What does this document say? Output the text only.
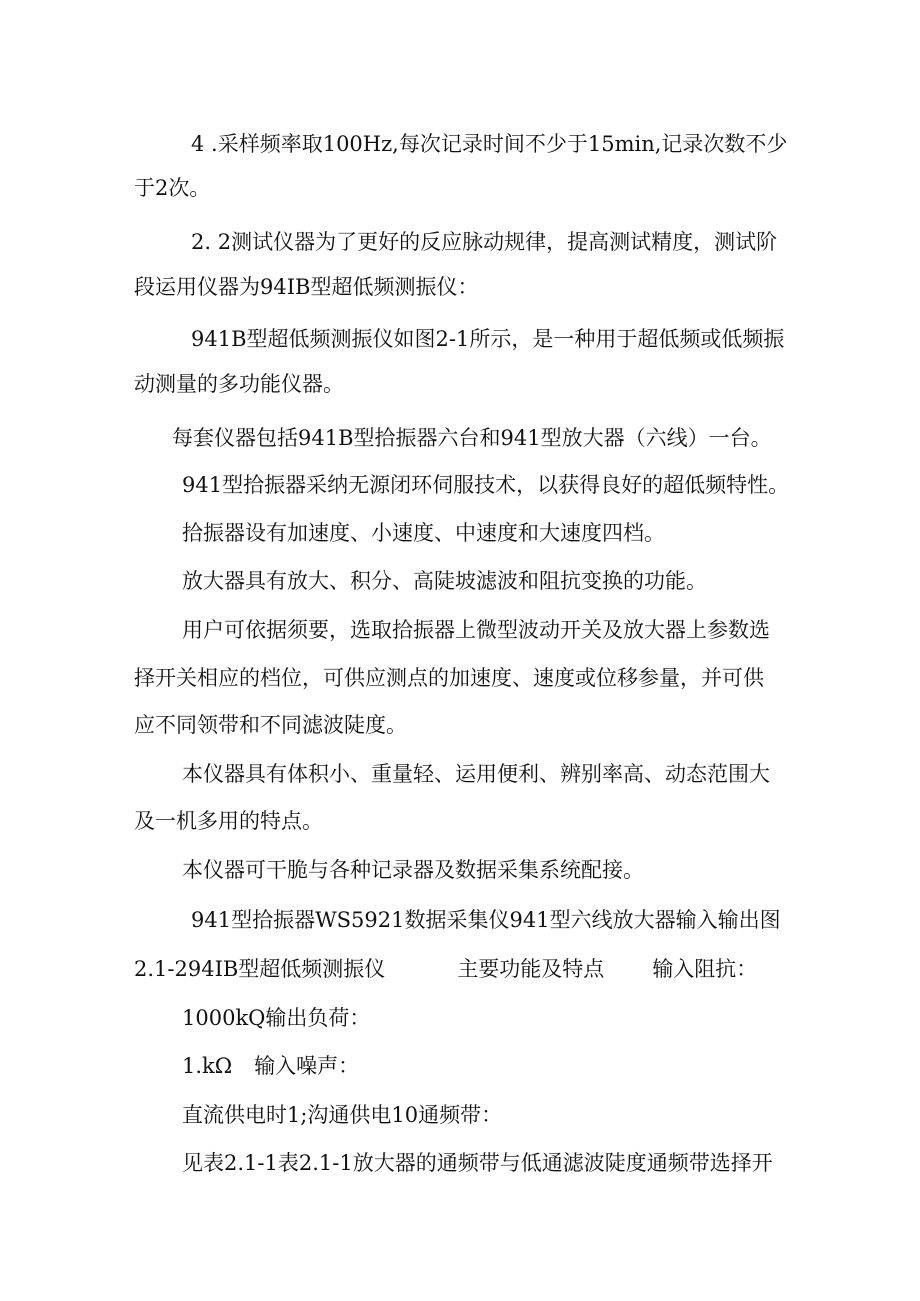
4 .采样频率取100Hz,每次记录时间不少于15min,记录次数不少
于2次。
2. 2测试仪器为了更好的反应脉动规律，提高测试精度，测试阶
段运用仪器为94IB型超低频测振仪：
941B型超低频测振仪如图2-1所示，是一种用于超低频或低频振
动测量的多功能仪器。
每套仪器包括941B型拾振器六台和941型放大器（六线）一台。
941型拾振器采纳无源闭环伺服技术，以获得良好的超低频特性。
拾振器设有加速度、小速度、中速度和大速度四档。
放大器具有放大、积分、高陡坡滤波和阻抗变换的功能。
用户可依据须要，选取拾振器上微型波动开关及放大器上参数选
择开关相应的档位，可供应测点的加速度、速度或位移参量，并可供
应不同领带和不同滤波陡度。
本仪器具有体积小、重量轻、运用便利、辨别率高、动态范围大
及一机多用的特点。
本仪器可干脆与各种记录器及数据采集系统配接。
941型拾振器WS5921数据采集仪941型六线放大器输入输出图
2.1-294IB型超低频测振仪	主要功能及特点 输入阻抗：
1000kQ输出负荷：
1.kΩ 输入噪声：
直流供电时1;沟通供电10通频带：
见表2.1-1表2.1-1放大器的通频带与低通滤波陡度通频带选择开
